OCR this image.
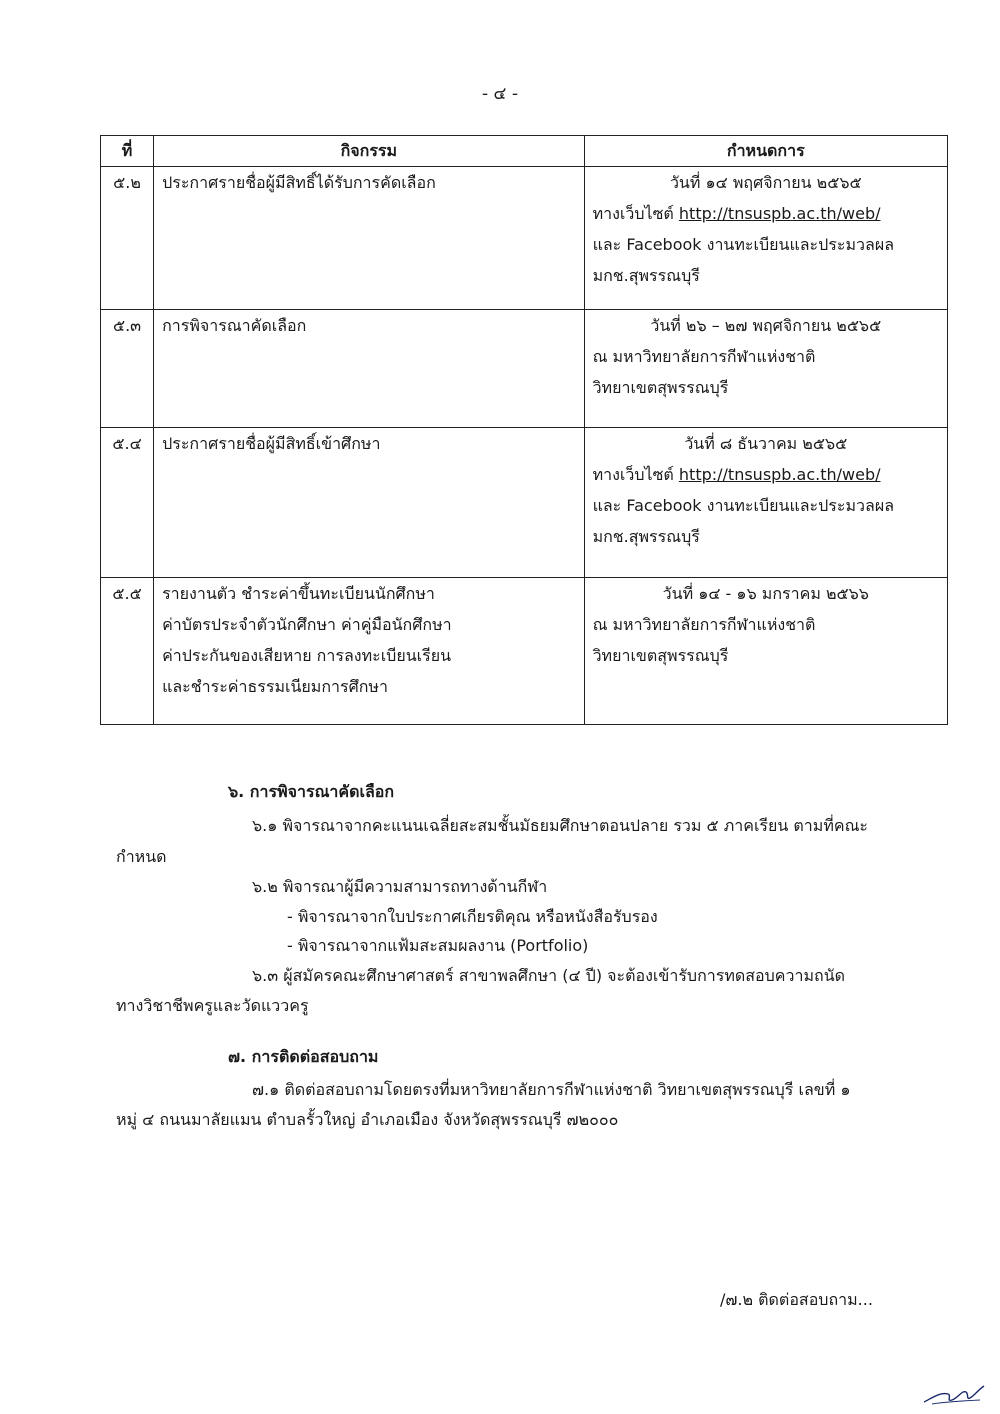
- ๔ -
ที่	กิจกรรม	กำหนดการ
๕.๒	ประกาศรายชื่อผู้มีสิทธิ์ได้รับการคัดเลือก	วันที่ ๑๔ พฤศจิกายน ๒๕๖๕
ทางเว็บไซต์ http://tnsuspb.ac.th/web/
และ Facebook งานทะเบียนและประมวลผล
มกช.สุพรรณบุรี

๕.๓	การพิจารณาคัดเลือก	วันที่ ๒๖ – ๒๗ พฤศจิกายน ๒๕๖๕
ณ มหาวิทยาลัยการกีฬาแห่งชาติ
วิทยาเขตสุพรรณบุรี

๕.๔	ประกาศรายชื่อผู้มีสิทธิ์เข้าศึกษา	วันที่ ๘ ธันวาคม ๒๕๖๕
ทางเว็บไซต์ http://tnsuspb.ac.th/web/
และ Facebook งานทะเบียนและประมวลผล
มกช.สุพรรณบุรี

๕.๕	รายงานตัว ชำระค่าขึ้นทะเบียนนักศึกษา
ค่าบัตรประจำตัวนักศึกษา ค่าคู่มือนักศึกษา
ค่าประกันของเสียหาย การลงทะเบียนเรียน
และชำระค่าธรรมเนียมการศึกษา	วันที่ ๑๔ - ๑๖ มกราคม ๒๕๖๖
ณ มหาวิทยาลัยการกีฬาแห่งชาติ
วิทยาเขตสุพรรณบุรี
๖. การพิจารณาคัดเลือก
๖.๑ พิจารณาจากคะแนนเฉลี่ยสะสมชั้นมัธยมศึกษาตอนปลาย รวม ๕ ภาคเรียน ตามที่คณะ
กำหนด
๖.๒ พิจารณาผู้มีความสามารถทางด้านกีฬา
- พิจารณาจากใบประกาศเกียรติคุณ หรือหนังสือรับรอง
- พิจารณาจากแฟ้มสะสมผลงาน (Portfolio)
๖.๓ ผู้สมัครคณะศึกษาศาสตร์ สาขาพลศึกษา (๔ ปี) จะต้องเข้ารับการทดสอบความถนัด
ทางวิชาชีพครูและวัดแววครู
๗. การติดต่อสอบถาม
๗.๑ ติดต่อสอบถามโดยตรงที่มหาวิทยาลัยการกีฬาแห่งชาติ วิทยาเขตสุพรรณบุรี เลขที่ ๑
หมู่ ๔ ถนนมาลัยแมน ตำบลรั้วใหญ่ อำเภอเมือง จังหวัดสุพรรณบุรี ๗๒๐๐๐
/๗.๒ ติดต่อสอบถาม...
